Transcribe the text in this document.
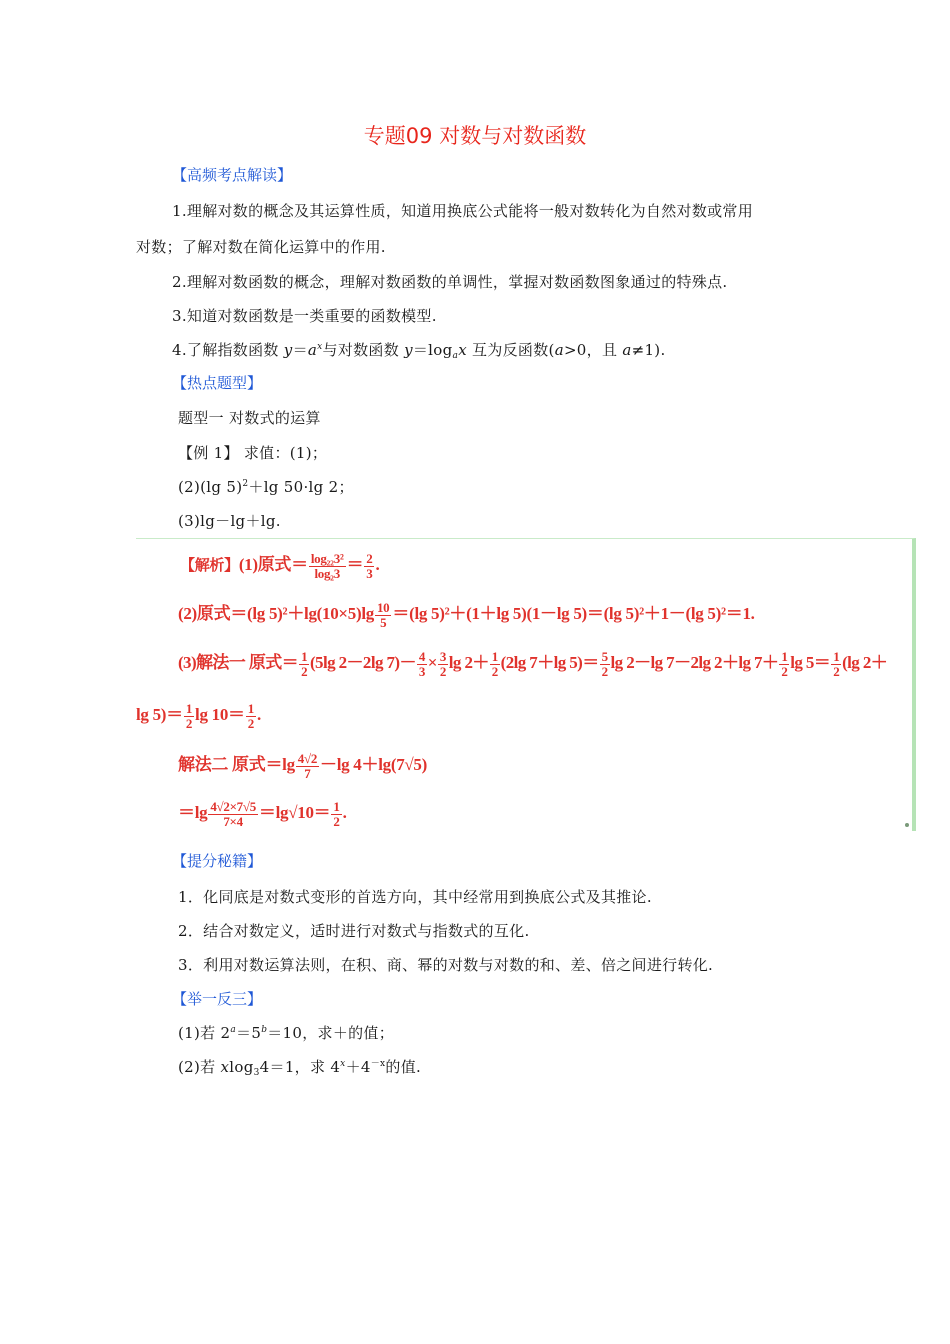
专题09 对数与对数函数
【高频考点解读】
1.理解对数的概念及其运算性质，知道用换底公式能将一般对数转化为自然对数或常用
对数；了解对数在简化运算中的作用.
2.理解对数函数的概念，理解对数函数的单调性，掌握对数函数图象通过的特殊点.
3.知道对数函数是一类重要的函数模型.
4.了解指数函数 $y=a^x$与对数函数 $y=\log_ax$ 互为反函数(a>0，且 a≠1).
【热点题型】
题型一 对数式的运算
【例 1】 求值：(1)；
(2)(lg 5)$^2$＋lg 50·lg 2；
(3)lg－lg＋lg.
【解析】(1)原式＝ $\frac{\text{log₂₂3²}}{\text{log₂3}} = \frac{2}{3}$ .
(2)原式＝(lg $5)^2+\lg(10\times 5)\lg \frac{10}{5} =(\lg$ 5)²＋(1＋lg 5)(1－lg 5)＝(lg 5)²＋1－(lg 5)²＝1.
(3)解法一 原式＝ $\frac{1}{2} (5\lg$ 2－2lg $7)- \frac{4}{3} \times \frac{3}{2}$ $\lg 2+ \frac{1}{2} (2\lg$ 7＋lg $5)= \frac{5}{2}$ lg 2－lg 7－2lg 2＋lg $7+ \frac{1}{2}$ $\lg 5= \frac{1}{2} (\lg$ 2＋
$\lg 5)= \frac{1}{2}$ $\lg 10= \frac{1}{2}$ .
解法二 原式$=\lg \frac{4√2}{7} -\lg$ 4＋lg(7√5)
$=\lg \frac{4√2\times 7√5}{7\times 4} =\lg√10= \frac{1}{2}$ .
【提分秘籍】
1．化同底是对数式变形的首选方向，其中经常用到换底公式及其推论.
2．结合对数定义，适时进行对数式与指数式的互化.
3．利用对数运算法则，在积、商、幂的对数与对数的和、差、倍之间进行转化.
【举一反三】
(1)若 $2^a=5^b=10$，求＋的值；
(2)若 xlog$_3$4＝1，求 $4^x+4^{-x}$的值.
